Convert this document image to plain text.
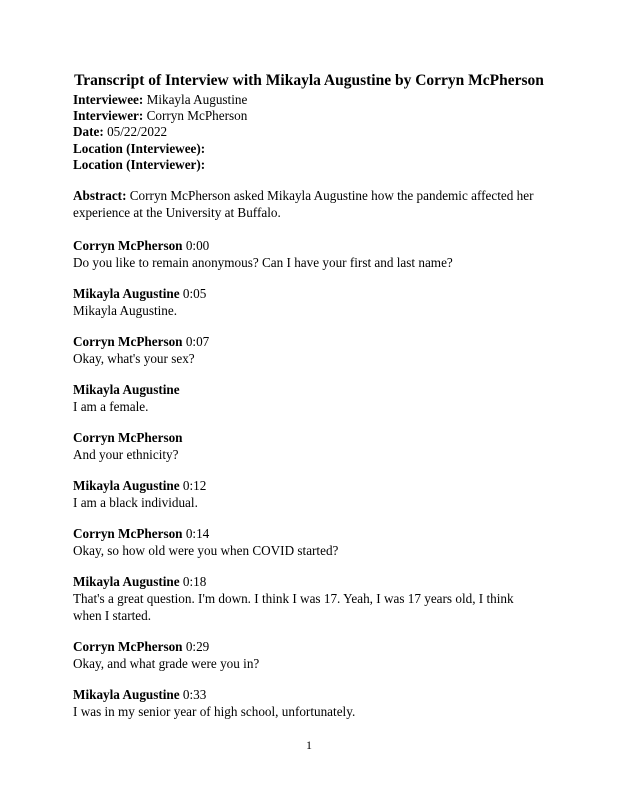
Transcript of Interview with Mikayla Augustine by Corryn McPherson
Interviewee: Mikayla Augustine
Interviewer: Corryn McPherson
Date: 05/22/2022
Location (Interviewee):
Location (Interviewer):
Abstract: Corryn McPherson asked Mikayla Augustine how the pandemic affected her experience at the University at Buffalo.
Corryn McPherson 0:00
Do you like to remain anonymous? Can I have your first and last name?
Mikayla Augustine 0:05
Mikayla Augustine.
Corryn McPherson 0:07
Okay, what's your sex?
Mikayla Augustine
I am a female.
Corryn McPherson
And your ethnicity?
Mikayla Augustine 0:12
I am a black individual.
Corryn McPherson 0:14
Okay, so how old were you when COVID started?
Mikayla Augustine 0:18
That's a great question. I'm down. I think I was 17. Yeah, I was 17 years old, I think when I started.
Corryn McPherson 0:29
Okay, and what grade were you in?
Mikayla Augustine 0:33
I was in my senior year of high school, unfortunately.
1
